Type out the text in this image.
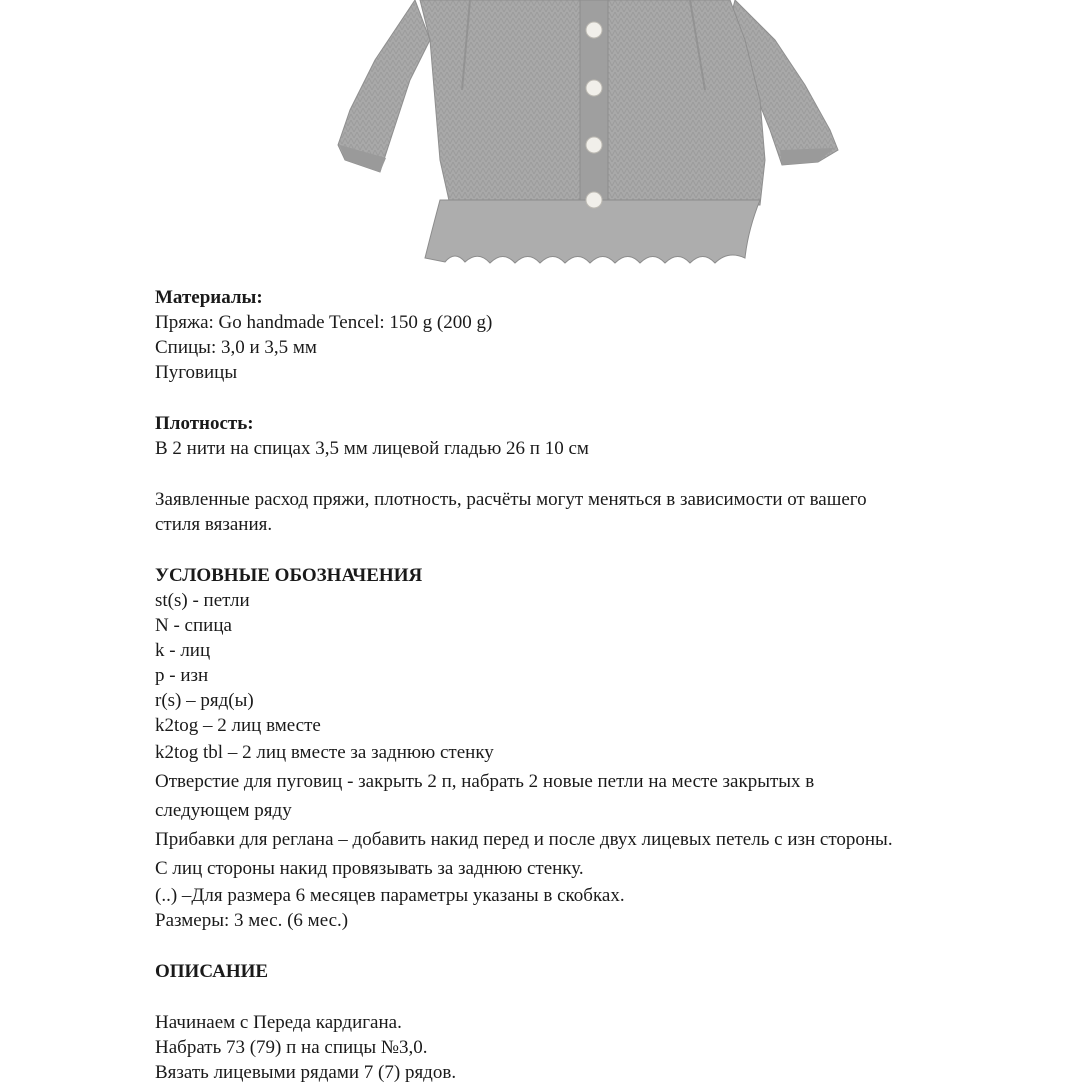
Материалы:
Пряжа: Go handmade Tencel: 150 g (200 g)
Спицы: 3,0 и 3,5 мм
Пуговицы
Плотность:
В 2 нити на спицах 3,5 мм лицевой гладью 26 п 10 см
Заявленные расход пряжи, плотность, расчёты могут меняться в зависимости от вашего
стиля вязания.
УСЛОВНЫЕ ОБОЗНАЧЕНИЯ
st(s) - петли
N - спица
k - лиц
p - изн
r(s) – ряд(ы)
k2tog – 2 лиц вместе
k2tog tbl – 2 лиц вместе за заднюю стенку
Отверстие для пуговиц - закрыть 2 п, набрать 2 новые петли на месте закрытых в
следующем ряду
Прибавки для реглана – добавить накид перед и после двух лицевых петель с изн стороны.
С лиц стороны накид провязывать за заднюю стенку.
(..) –Для размера 6 месяцев параметры указаны в скобках.
Размеры: 3 мес. (6 мес.)
ОПИСАНИЕ
Начинаем с Переда кардигана.
Набрать 73 (79) п на спицы №3,0.
Вязать лицевыми рядами 7 (7) рядов.
